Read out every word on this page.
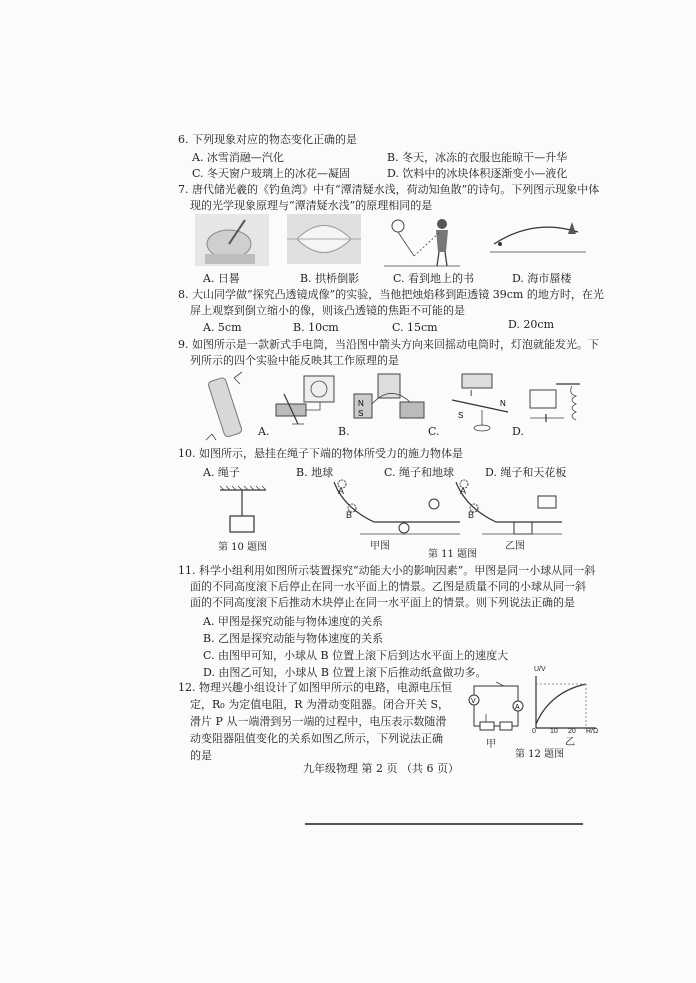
6. 下列现象对应的物态变化正确的是
A. 冰雪消融—汽化	B. 冬天，冰冻的衣服也能晾干—升华
C. 冬天窗户玻璃上的冰花—凝固	D. 饮料中的冰块体积逐渐变小—液化
7. 唐代储光羲的《钓鱼湾》中有“潭清疑水浅，荷动知鱼散”的诗句。下列图示现象中体
现的光学现象原理与“潭清疑水浅”的原理相同的是
A. 日晷	B. 拱桥倒影	C. 看到地上的书	D. 海市蜃楼
8. 大山同学做“探究凸透镜成像”的实验，当他把烛焰移到距透镜 39cm 的地方时，在光
屏上观察到倒立缩小的像，则该凸透镜的焦距不可能的是
A. 5cm	B. 10cm	C. 15cm	D. 20cm
9. 如图所示是一款新式手电筒，当沿图中箭头方向来回摇动电筒时，灯泡就能发光。下
列所示的四个实验中能反映其工作原理的是
A.
N
S
B.
I
S
N
C.	D.
10. 如图所示，悬挂在绳子下端的物体所受力的施力物体是
A. 绳子	B. 地球	C. 绳子和地球	D. 绳子和天花板
第 10 题图
A
B
A
B
甲图	乙图
第 11 题图
11. 科学小组利用如图所示装置探究“动能大小的影响因素”。甲图是同一小球从同一斜
面的不同高度滚下后停止在同一水平面上的情景。乙图是质量不同的小球从同一斜
面的不同高度滚下后推动木块停止在同一水平面上的情景。则下列说法正确的是
A. 甲图是探究动能与物体速度的关系
B. 乙图是探究动能与物体速度的关系
C. 由图甲可知，小球从 B 位置上滚下后到达水平面上的速度大
D. 由图乙可知，小球从 B 位置上滚下后推动纸盒做功多。
12. 物理兴趣小组设计了如图甲所示的电路，电源电压恒
定，R₀ 为定值电阻，R 为滑动变阻器。闭合开关 S，
滑片 P 从一端滑到另一端的过程中，电压表示数随滑
动变阻器阻值变化的关系如图乙所示，下列说法正确
的是
V
A
甲
U/V
R/Ω
0 10 20
乙
第 12 题图
九年级物理 第 2 页 （共 6 页）
